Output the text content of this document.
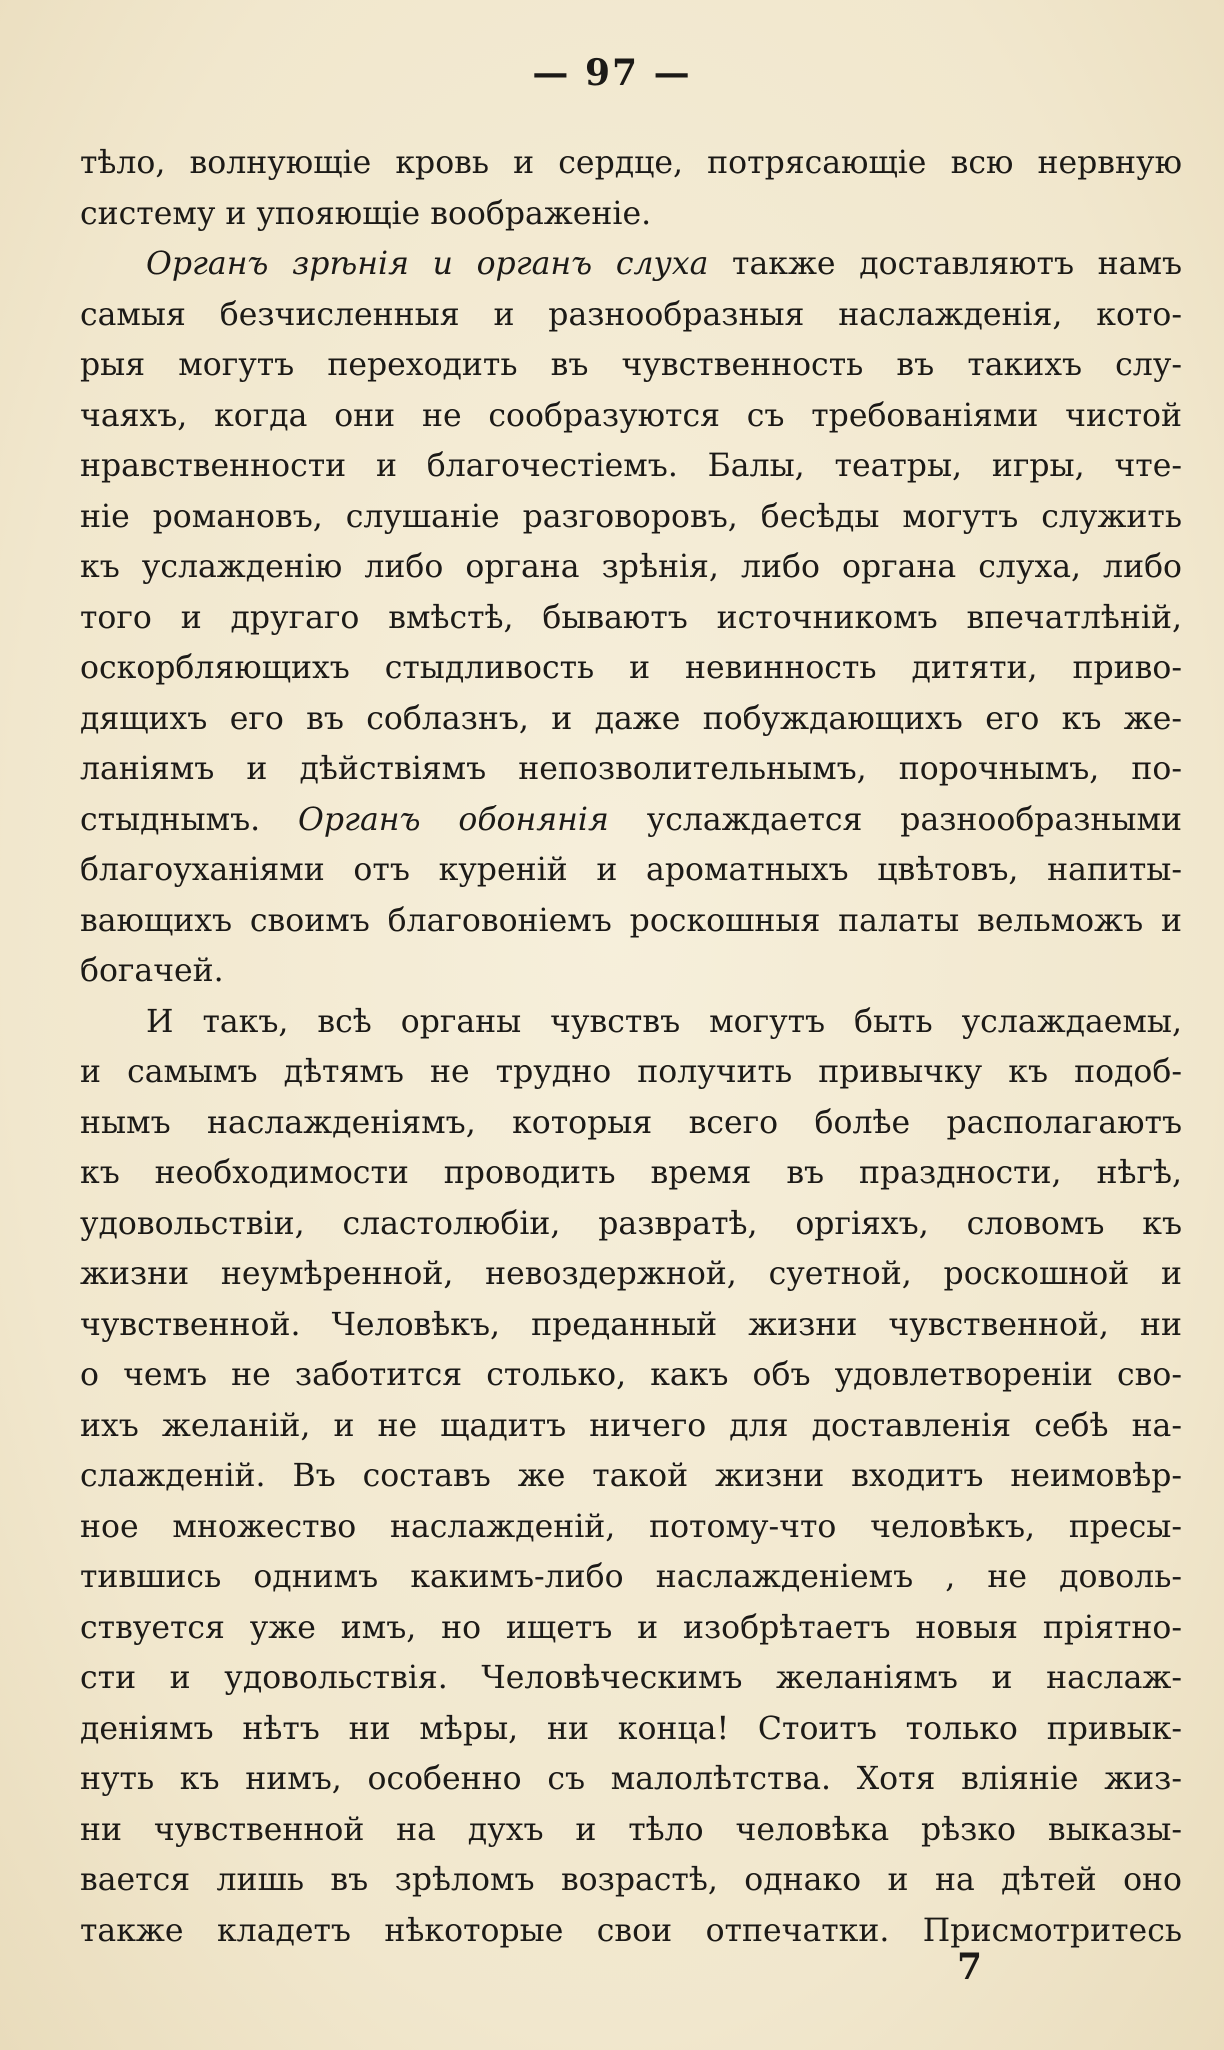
— 97 —
тѣло, волнующіе кровь и сердце, потрясающіе всю нервную
систему и упояющіе воображеніе.
Органъ зрѣнія и органъ слуха также доставляютъ намъ
самыя безчисленныя и разнообразныя наслажденія, кото-
рыя могутъ переходить въ чувственность въ такихъ слу-
чаяхъ, когда они не сообразуются съ требованіями чистой
нравственности и благочестіемъ. Балы, театры, игры, чте-
ніе романовъ, слушаніе разговоровъ, бесѣды могутъ служить
къ услажденію либо органа зрѣнія, либо органа слуха, либо
того и другаго вмѣстѣ, бываютъ источникомъ впечатлѣній,
оскорбляющихъ стыдливость и невинность дитяти, приво-
дящихъ его въ соблазнъ, и даже побуждающихъ его къ же-
ланіямъ и дѣйствіямъ непозволительнымъ, порочнымъ, по-
стыднымъ. Органъ обонянія услаждается разнообразными
благоуханіями отъ куреній и ароматныхъ цвѣтовъ, напиты-
вающихъ своимъ благовоніемъ роскошныя палаты вельможъ и
богачей.
И такъ, всѣ органы чувствъ могутъ быть услаждаемы,
и самымъ дѣтямъ не трудно получить привычку къ подоб-
нымъ наслажденіямъ, которыя всего болѣе располагаютъ
къ необходимости проводить время въ праздности, нѣгѣ,
удовольствіи, сластолюбіи, развратѣ, оргіяхъ, словомъ къ
жизни неумѣренной, невоздержной, суетной, роскошной и
чувственной. Человѣкъ, преданный жизни чувственной, ни
о чемъ не заботится столько, какъ объ удовлетвореніи сво-
ихъ желаній, и не щадитъ ничего для доставленія себѣ на-
слажденій. Въ составъ же такой жизни входитъ неимовѣр-
ное множество наслажденій, потому-что человѣкъ, пресы-
тившись однимъ какимъ-либо наслажденіемъ , не доволь-
ствуется уже имъ, но ищетъ и изобрѣтаетъ новыя пріятно-
сти и удовольствія. Человѣческимъ желаніямъ и наслаж-
деніямъ нѣтъ ни мѣры, ни конца! Стоитъ только привык-
нуть къ нимъ, особенно съ малолѣтства. Хотя вліяніе жиз-
ни чувственной на духъ и тѣло человѣка рѣзко выказы-
вается лишь въ зрѣломъ возрастѣ, однако и на дѣтей оно
также кладетъ нѣкоторые свои отпечатки. Присмотритесь
7
